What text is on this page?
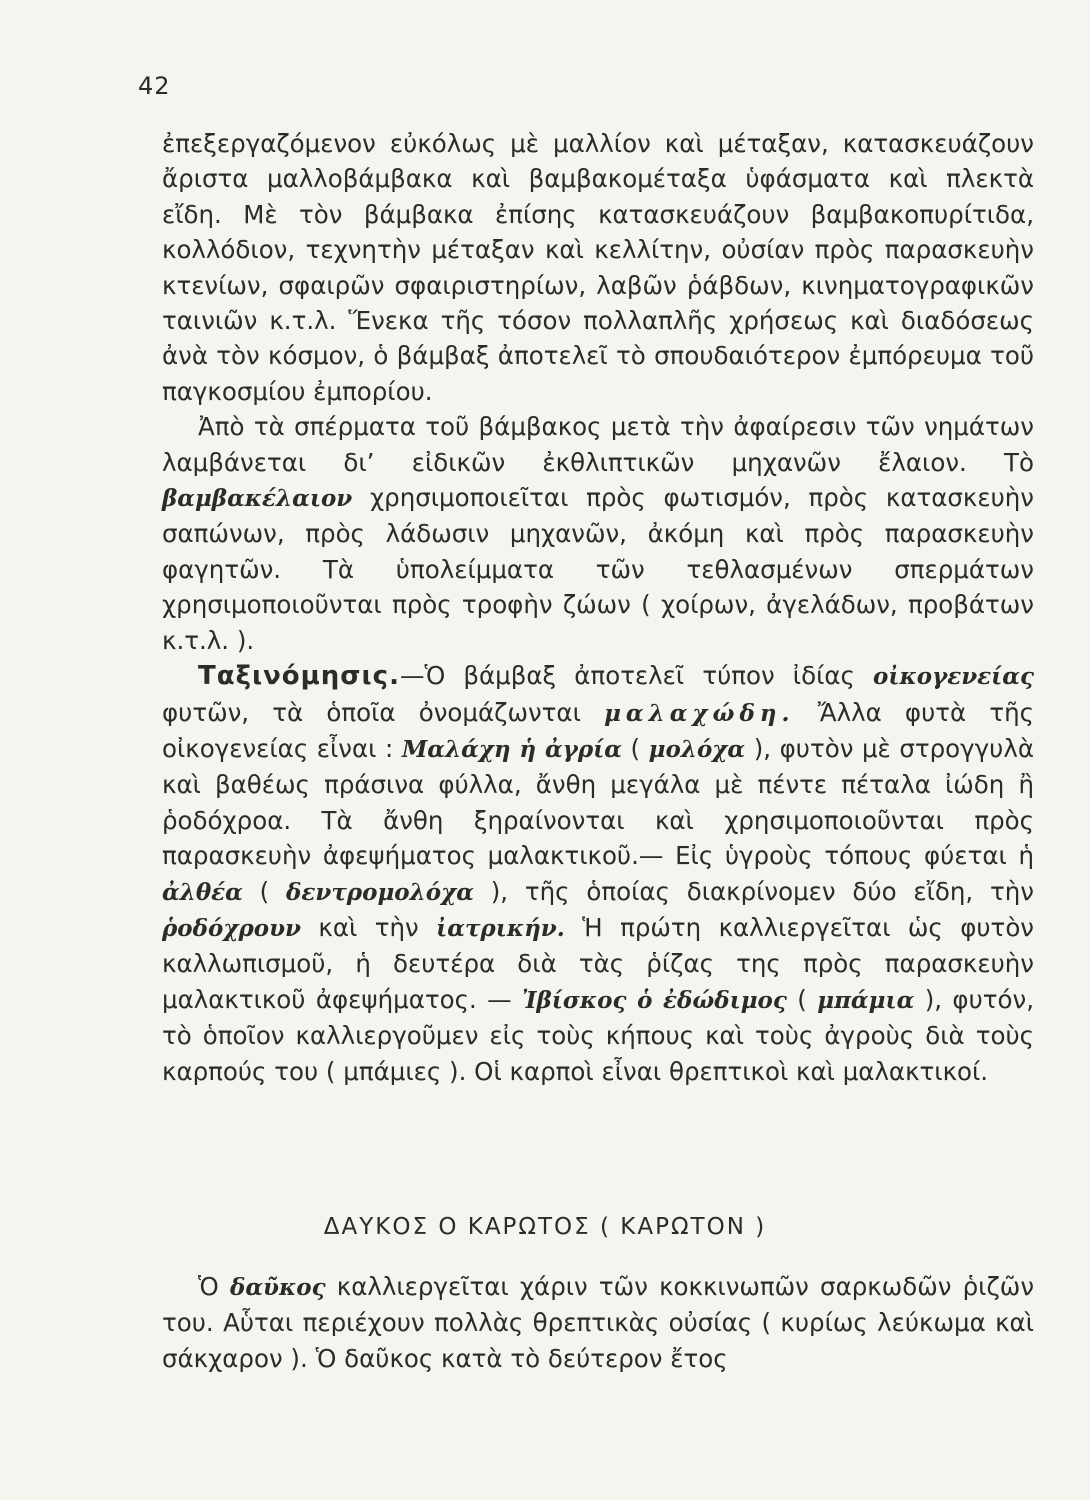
42

ἐπεξεργαζόμενον εὐκόλως μὲ μαλλίον καὶ μέταξαν, κατασκευάζουν ἄριστα μαλλοβάμβακα καὶ βαμβακομέταξα ὑφάσματα καὶ πλεκτὰ εἴδη. Μὲ τὸν βάμβακα ἐπίσης κατασκευάζουν βαμβακοπυρίτιδα, κολλόδιον, τεχνητὴν μέταξαν καὶ κελλίτην, οὐσίαν πρὸς παρασκευὴν κτενίων, σφαιρῶν σφαιριστηρίων, λαβῶν ῥάβδων, κινηματογραφικῶν ταινιῶν κ.τ.λ. Ἕνεκα τῆς τόσον πολλαπλῆς χρήσεως καὶ διαδόσεως ἀνὰ τὸν κόσμον, ὁ βάμβαξ ἀποτελεῖ τὸ σπουδαιότερον ἐμπόρευμα τοῦ παγκοσμίου ἐμπορίου.

Ἀπὸ τὰ σπέρματα τοῦ βάμβακος μετὰ τὴν ἀφαίρεσιν τῶν νημάτων λαμβάνεται δι’ εἰδικῶν ἐκθλιπτικῶν μηχανῶν ἔλαιον. Τὸ βαμβακέλαιον χρησιμοποιεῖται πρὸς φωτισμόν, πρὸς κατασκευὴν σαπώνων, πρὸς λάδωσιν μηχανῶν, ἀκόμη καὶ πρὸς παρασκευὴν φαγητῶν. Τὰ ὑπολείμματα τῶν τεθλασμένων σπερμάτων χρησιμοποιοῦνται πρὸς τροφὴν ζώων ( χοίρων, ἀγελάδων, προβάτων κ.τ.λ. ).

Ταξινόμησις.—Ὁ βάμβαξ ἀποτελεῖ τύπον ἰδίας οἰκογενείας φυτῶν, τὰ ὁποῖα ὀνομάζωνται μαλαχώδη. Ἄλλα φυτὰ τῆς οἰκογενείας εἶναι : Μαλάχη ἡ ἀγρία ( μολόχα ), φυτὸν μὲ στρογγυλὰ καὶ βαθέως πράσινα φύλλα, ἄνθη μεγάλα μὲ πέντε πέταλα ἰώδη ἢ ῥοδόχροα. Τὰ ἄνθη ξηραίνονται καὶ χρησιμοποιοῦνται πρὸς παρασκευὴν ἀφεψήματος μαλακτικοῦ.— Εἰς ὑγροὺς τόπους φύεται ἡ ἀλθέα ( δεντρομολόχα ), τῆς ὁποίας διακρίνομεν δύο εἴδη, τὴν ῥοδόχρουν καὶ τὴν ἰατρικήν. Ἡ πρώτη καλλιεργεῖται ὡς φυτὸν καλλωπισμοῦ, ἡ δευτέρα διὰ τὰς ῥίζας της πρὸς παρασκευὴν μαλακτικοῦ ἀφεψήματος. — Ἰβίσκος ὁ ἐδώδιμος ( μπάμια ), φυτόν, τὸ ὁποῖον καλλιεργοῦμεν εἰς τοὺς κήπους καὶ τοὺς ἀγροὺς διὰ τοὺς καρπούς του ( μπάμιες ). Οἱ καρποὶ εἶναι θρεπτικοὶ καὶ μαλακτικοί.

ΔΑΥΚΟΣ Ο ΚΑΡΩΤΟΣ ( ΚΑΡΩΤΟΝ )

Ὁ δαῦκος καλλιεργεῖται χάριν τῶν κοκκινωπῶν σαρκωδῶν ῥιζῶν του. Αὗται περιέχουν πολλὰς θρεπτικὰς οὐσίας ( κυρίως λεύκωμα καὶ σάκχαρον ). Ὁ δαῦκος κατὰ τὸ δεύτερον ἔτος
